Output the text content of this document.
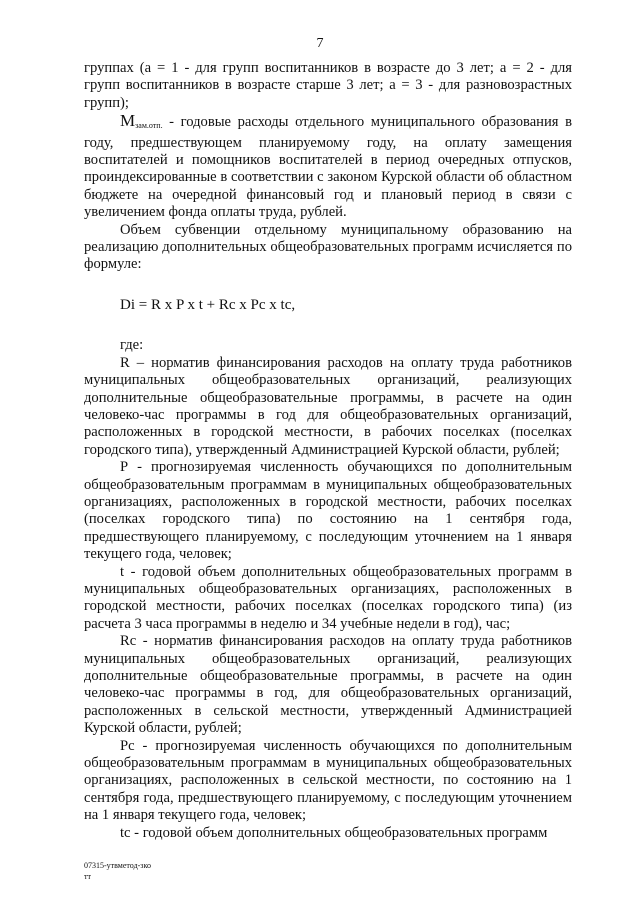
7

группах (a = 1 - для групп воспитанников в возрасте до 3 лет; a = 2 - для групп воспитанников в возрасте старше 3 лет; a = 3 - для разновозрастных групп);

$М_{зам.отп.}$ - годовые расходы отдельного муниципального образования в году, предшествующем планируемому году, на оплату замещения воспитателей и помощников воспитателей в период очередных отпусков, проиндексированные в соответствии с законом Курской области об областном бюджете на очередной финансовый год и плановый период в связи с увеличением фонда оплаты труда, рублей.

Объем субвенции отдельному муниципальному образованию на реализацию дополнительных общеобразовательных программ исчисляется по формуле:

Di = R x P x t + Rc x Pc x tc,

где:

R – норматив финансирования расходов на оплату труда работников муниципальных общеобразовательных организаций, реализующих дополнительные общеобразовательные программы, в расчете на один человеко-час программы в год для общеобразовательных организаций, расположенных в городской местности, в рабочих поселках (поселках городского типа), утвержденный Администрацией Курской области, рублей;

Р - прогнозируемая численность обучающихся по дополнительным общеобразовательным программам в муниципальных общеобразовательных организациях, расположенных в городской местности, рабочих поселках (поселках городского типа) по состоянию на 1 сентября года, предшествующего планируемому, с последующим уточнением на 1 января текущего года, человек;

t - годовой объем дополнительных общеобразовательных программ в муниципальных общеобразовательных организациях, расположенных в городской местности, рабочих поселках (поселках городского типа) (из расчета 3 часа программы в неделю и 34 учебные недели в год), час;

Rc - норматив финансирования расходов на оплату труда работников муниципальных общеобразовательных организаций, реализующих дополнительные общеобразовательные программы, в расчете на один человеко-час программы в год, для общеобразовательных организаций, расположенных в сельской местности, утвержденный Администрацией Курской области, рублей;

Рс - прогнозируемая численность обучающихся по дополнительным общеобразовательным программам в муниципальных общеобразовательных организациях, расположенных в сельской местности, по состоянию на 1 сентября года, предшествующего планируемому, с последующим уточнением на 1 января текущего года, человек;

tc - годовой объем дополнительных общеобразовательных программ

07315-утвметод-зко
тт
